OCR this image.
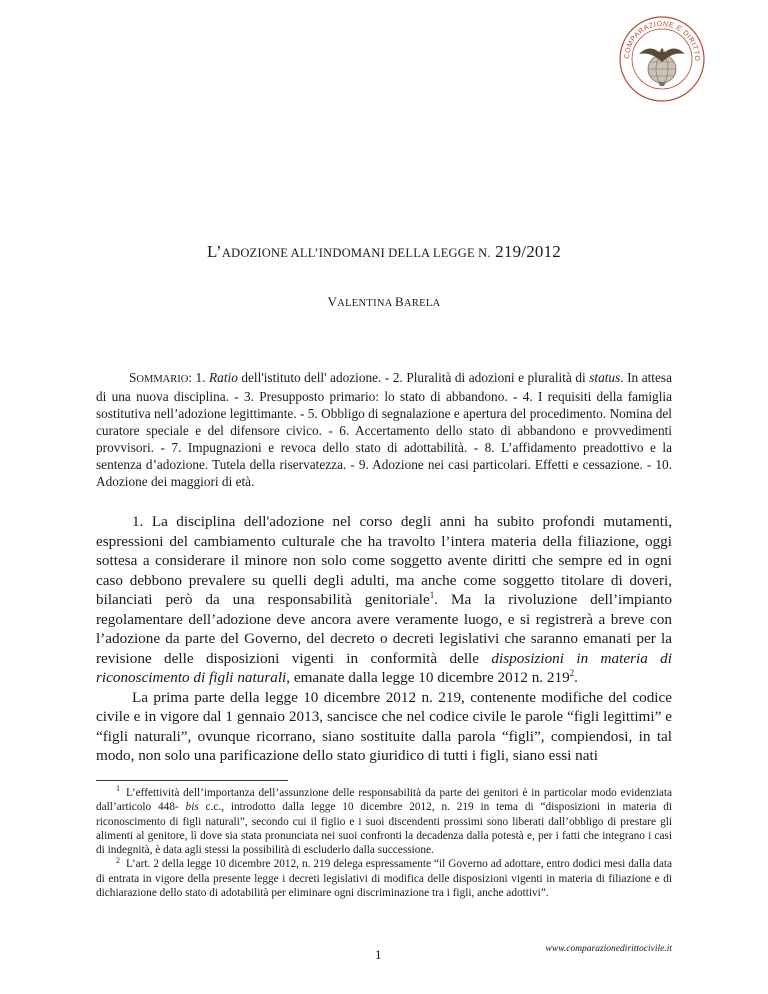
COMPARAZIONE E DIRITTO
L’ADOZIONE ALL’INDOMANI DELLA LEGGE N. 219/2012
VALENTINA BARELA

SOMMARIO: 1. Ratio dell'istituto dell' adozione. - 2. Pluralità di adozioni e pluralità di status. In attesa di una nuova disciplina. - 3. Presupposto primario: lo stato di abbandono. - 4. I requisiti della famiglia sostitutiva nell’adozione legittimante. - 5. Obbligo di segnalazione e apertura del procedimento. Nomina del curatore speciale e del difensore civico. - 6. Accertamento dello stato di abbandono e provvedimenti provvisori. - 7. Impugnazioni e revoca dello stato di adottabilità. - 8. L’affidamento preadottivo e la sentenza d’adozione. Tutela della riservatezza. - 9. Adozione nei casi particolari. Effetti e cessazione. - 10. Adozione dei maggiori di età.

1. La disciplina dell'adozione nel corso degli anni ha subito profondi mutamenti, espressioni del cambiamento culturale che ha travolto l’intera materia della filiazione, oggi sottesa a considerare il minore non solo come soggetto avente diritti che sempre ed in ogni caso debbono prevalere su quelli degli adulti, ma anche come soggetto titolare di doveri, bilanciati però da una responsabilità genitoriale$^1$. Ma la rivoluzione dell’impianto regolamentare dell’adozione deve ancora avere veramente luogo, e si registrerà a breve con l’adozione da parte del Governo, del decreto o decreti legislativi che saranno emanati per la revisione delle disposizioni vigenti in conformità delle disposizioni in materia di riconoscimento di figli naturali, emanate dalla legge 10 dicembre 2012 n. $219^2$.

La prima parte della legge 10 dicembre 2012 n. 219, contenente modifiche del codice civile e in vigore dal 1 gennaio 2013, sancisce che nel codice civile le parole “figli legittimi” e “figli naturali”, ovunque ricorrano, siano sostituite dalla parola “figli”, compiendosi, in tal modo, non solo una parificazione dello stato giuridico di tutti i figli, siano essi nati

$^1$ L’effettività dell’importanza dell’assunzione delle responsabilità da parte dei genitori è in particolar modo evidenziata dall’articolo 448- bis c.c., introdotto dalla legge 10 dicembre 2012, n. 219 in tema di “disposizioni in materia di riconoscimento di figli naturali”, secondo cui il figlio e i suoi discendenti prossimi sono liberati dall’obbligo di prestare gli alimenti al genitore, lì dove sia stata pronunciata nei suoi confronti la decadenza dalla potestà e, per i fatti che integrano i casi di indegnità, è data agli stessi la possibilità di escluderlo dalla successione.

$^2$ L’art. 2 della legge 10 dicembre 2012, n. 219 delega espressamente “il Governo ad adottare, entro dodici mesi dalla data di entrata in vigore della presente legge i decreti legislativi di modifica delle disposizioni vigenti in materia di filiazione e di dichiarazione dello stato di adotabilità per eliminare ogni discriminazione tra i figli, anche adottivi”.

1	www.comparazionedirittocivile.it
